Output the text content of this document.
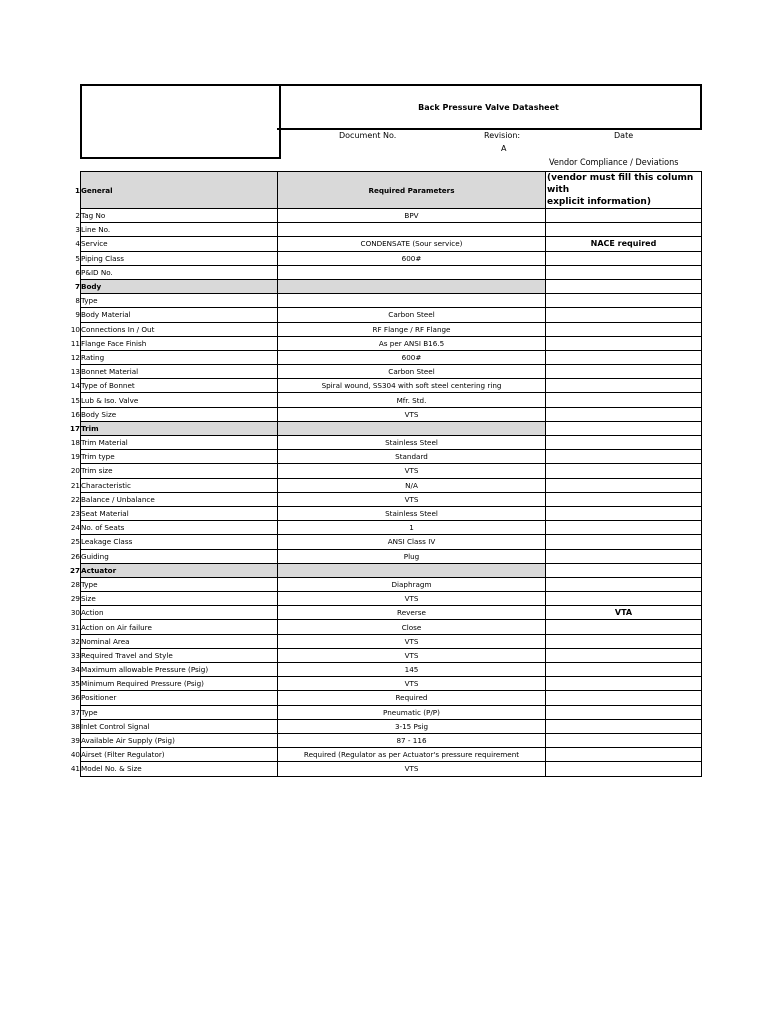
Back Pressure Valve Datasheet
Document No.	Revision:
A
Date
Vendor Compliance / Deviations
1	General	Required Parameters	(vendor must fill this column with
explicit information)

2	Tag No	BPV	
3	Line No.		
4	Service	CONDENSATE (Sour service)	NACE required
5	Piping Class	600#	
6	P&ID No.		
7	Body		
8	Type		
9	Body Material	Carbon Steel	
10	Connections In / Out	RF Flange / RF Flange	
11	Flange Face Finish	As per ANSI B16.5	
12	Rating	600#	
13	Bonnet Material	Carbon Steel	
14	Type of Bonnet	Spiral wound, SS304 with soft steel centering ring	
15	Lub & Iso. Valve	Mfr. Std.	
16	Body Size	VTS	
17	Trim		
18	Trim Material	Stainless Steel	
19	Trim type	Standard	
20	Trim size	VTS	
21	Characteristic	N/A	
22	Balance / Unbalance	VTS	
23	Seat Material	Stainless Steel	
24	No. of Seats	1	
25	Leakage Class	ANSI Class IV	
26	Guiding	Plug	
27	Actuator		
28	Type	Diaphragm	
29	Size	VTS	
30	Action	Reverse	VTA
31	Action on Air failure	Close	
32	Nominal Area	VTS	
33	Required Travel and Style	VTS	
34	Maximum allowable Pressure (Psig)	145	
35	Minimum Required Pressure (Psig)	VTS	
36	Positioner	Required	
37	Type	Pneumatic (P/P)	
38	Inlet Control Signal	3-15 Psig	
39	Available Air Supply (Psig)	87 - 116	
40	Airset (Filter Regulator)	Required (Regulator as per Actuator's pressure requirement	
41	Model No. & Size	VTS	
